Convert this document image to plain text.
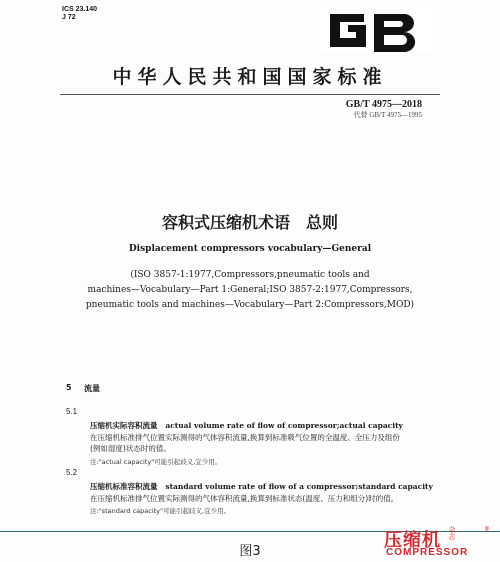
ICS 23.140
J 72
中华人民共和国国家标准
GB/T 4975—2018
代替 GB/T 4975—1995
容积式压缩机术语　总则
Displacement compressors vocabulary—General
(ISO 3857-1:1977,Compressors,pneumatic tools and
machines—Vocabulary—Part 1:General;ISO 3857-2:1977,Compressors,
pneumatic tools and machines—Vocabulary—Part 2:Compressors,MOD)
5 流量
5.1
压缩机实际容积流量 actual volume rate of flow of compressor;actual capacity
在压缩机标准排气位置实际测得的气体容积流量,换算到标准吸气位置的全温度、全压力及组份
(例如湿度)状态时的值。
注:"actual capacity"可能引起歧义,宜少用。
5.2
压缩机标准容积流量 standard volume rate of flow of a compressor;standard capacity
在压缩机标准排气位置实际测得的气体容积流量,换算到标准状态(温度、压力和组分)时的值。
注:"standard capacity"可能引起歧义,宜少用。
图3
压缩机 杂志	®
COMPRESSOR
